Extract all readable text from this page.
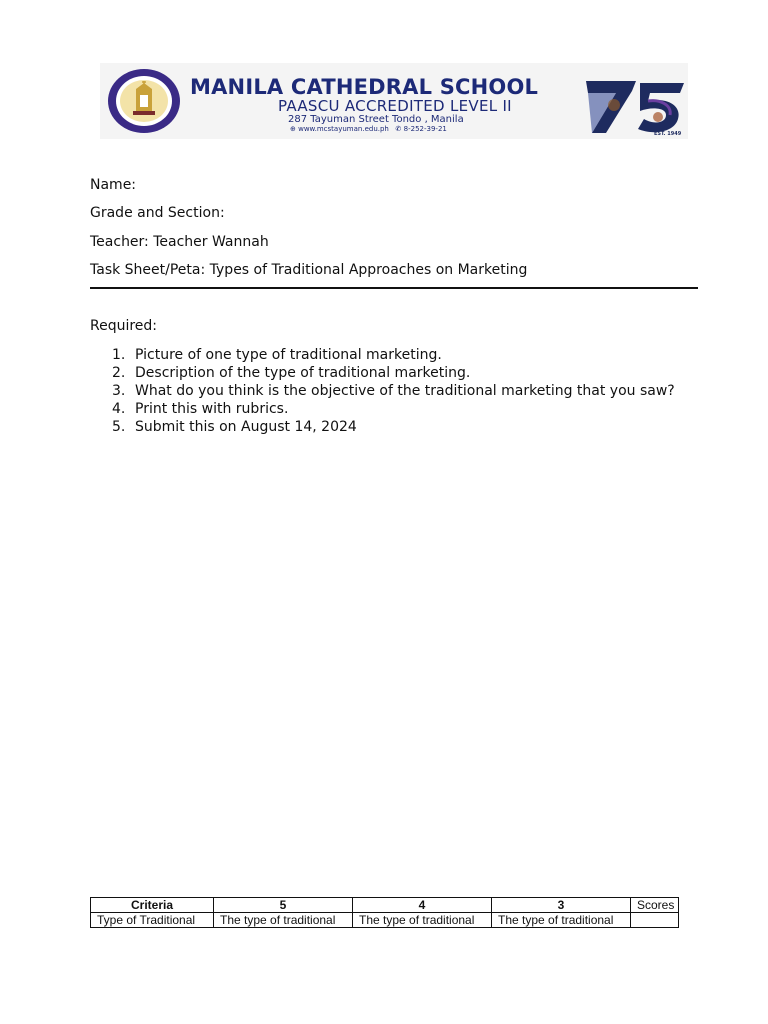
MANILA CATHEDRAL SCHOOL
PAASCU ACCREDITED LEVEL II
287 Tayuman Street Tondo , Manila
⊕ www.mcstayuman.edu.ph ✆ 8-252-39-21
EST. 1949
Name:
Grade and Section:
Teacher: Teacher Wannah
Task Sheet/Peta: Types of Traditional Approaches on Marketing
Required:
1. Picture of one type of traditional marketing.
2. Description of the type of traditional marketing.
3. What do you think is the objective of the traditional marketing that you saw?
4. Print this with rubrics.
5. Submit this on August 14, 2024
Criteria	5	4	3	Scores
Type of Traditional	The type of traditional	The type of traditional	The type of traditional	
